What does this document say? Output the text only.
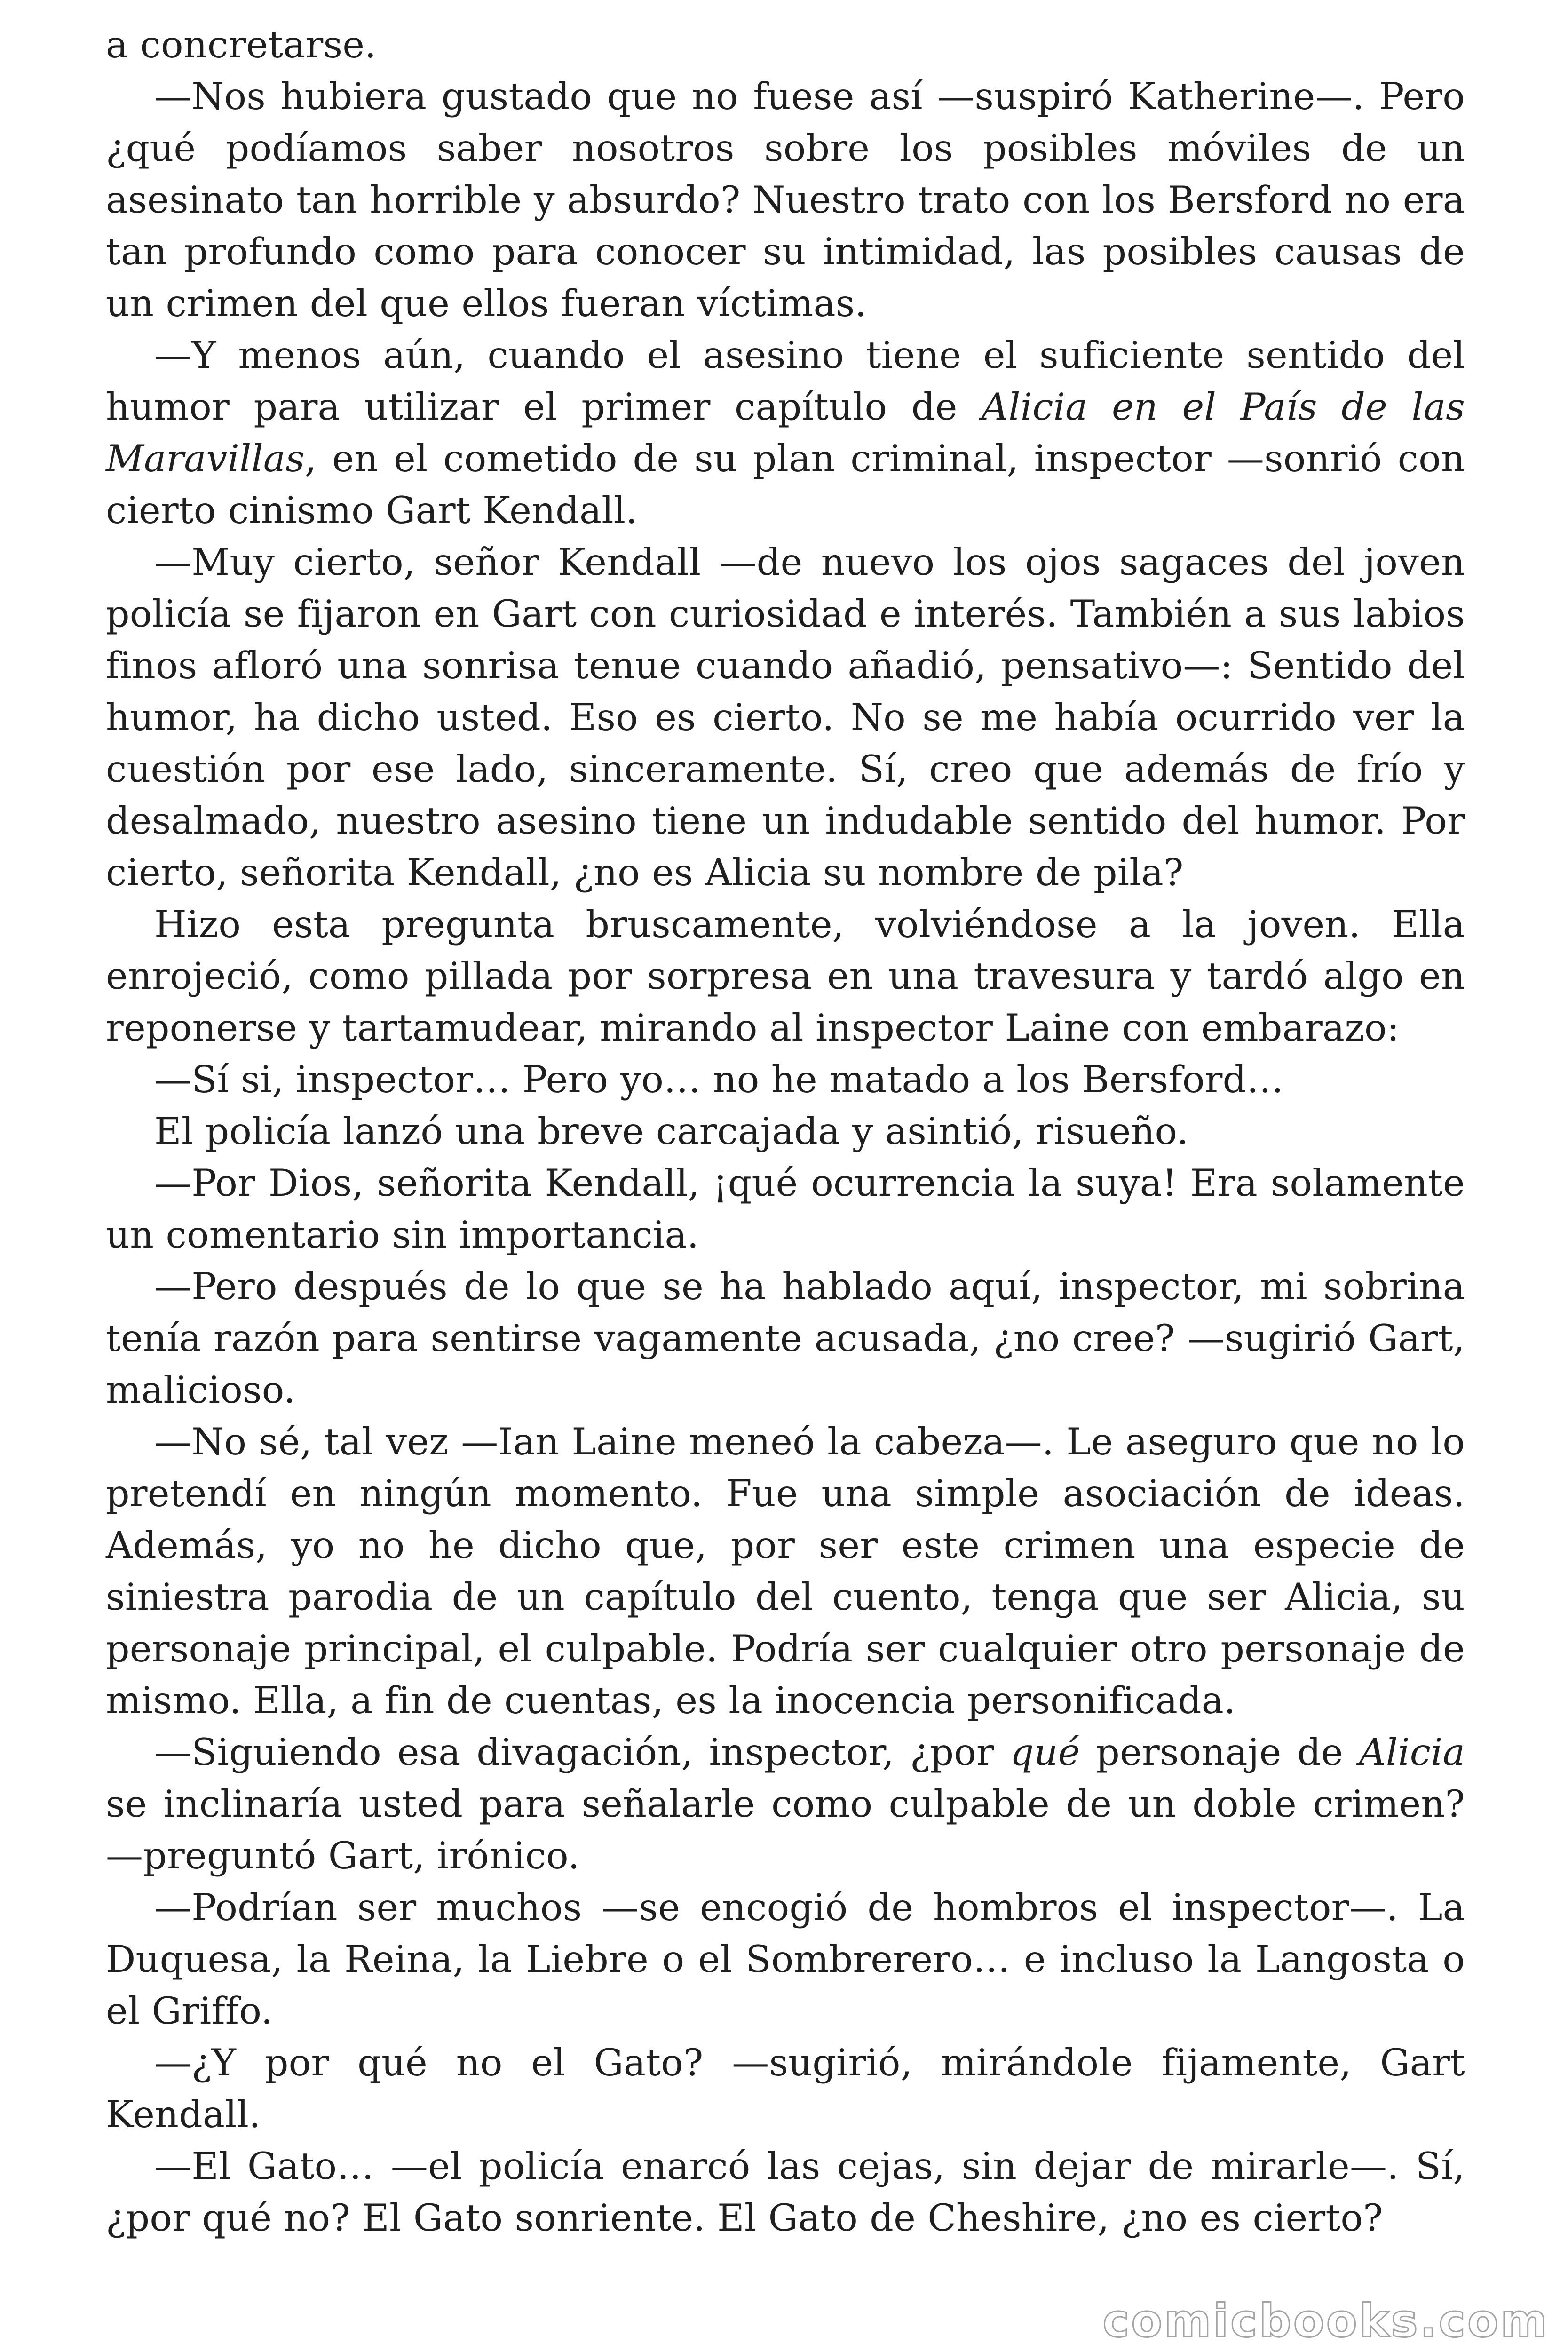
a concretarse.

—Nos hubiera gustado que no fuese así —suspiró Katherine—. Pero ¿qué podíamos saber nosotros sobre los posibles móviles de un asesinato tan horrible y absurdo? Nuestro trato con los Bersford no era tan profundo como para conocer su intimidad, las posibles causas de un crimen del que ellos fueran víctimas.

—Y menos aún, cuando el asesino tiene el suficiente sentido del humor para utilizar el primer capítulo de Alicia en el País de las Maravillas, en el cometido de su plan criminal, inspector —sonrió con cierto cinismo Gart Kendall.

—Muy cierto, señor Kendall —de nuevo los ojos sagaces del joven policía se fijaron en Gart con curiosidad e interés. También a sus labios finos afloró una sonrisa tenue cuando añadió, pensativo—: Sentido del humor, ha dicho usted. Eso es cierto. No se me había ocurrido ver la cuestión por ese lado, sinceramente. Sí, creo que además de frío y desalmado, nuestro asesino tiene un indudable sentido del humor. Por cierto, señorita Kendall, ¿no es Alicia su nombre de pila?

Hizo esta pregunta bruscamente, volviéndose a la joven. Ella enrojeció, como pillada por sorpresa en una travesura y tardó algo en reponerse y tartamudear, mirando al inspector Laine con embarazo:

—Sí si, inspector… Pero yo… no he matado a los Bersford…

El policía lanzó una breve carcajada y asintió, risueño.

—Por Dios, señorita Kendall, ¡qué ocurrencia la suya! Era solamente un comentario sin importancia.

—Pero después de lo que se ha hablado aquí, inspector, mi sobrina tenía razón para sentirse vagamente acusada, ¿no cree? —sugirió Gart, malicioso.

—No sé, tal vez —Ian Laine meneó la cabeza—. Le aseguro que no lo pretendí en ningún momento. Fue una simple asociación de ideas. Además, yo no he dicho que, por ser este crimen una especie de siniestra parodia de un capítulo del cuento, tenga que ser Alicia, su personaje principal, el culpable. Podría ser cualquier otro personaje de mismo. Ella, a fin de cuentas, es la inocencia personificada.

—Siguiendo esa divagación, inspector, ¿por qué personaje de Alicia se inclinaría usted para señalarle como culpable de un doble crimen? —preguntó Gart, irónico.

—Podrían ser muchos —se encogió de hombros el inspector—. La Duquesa, la Reina, la Liebre o el Sombrerero… e incluso la Langosta o el Griffo.

—¿Y por qué no el Gato? —sugirió, mirándole fijamente, Gart Kendall.

—El Gato… —el policía enarcó las cejas, sin dejar de mirarle—. Sí, ¿por qué no? El Gato sonriente. El Gato de Cheshire, ¿no es cierto?

comicbooks.com
